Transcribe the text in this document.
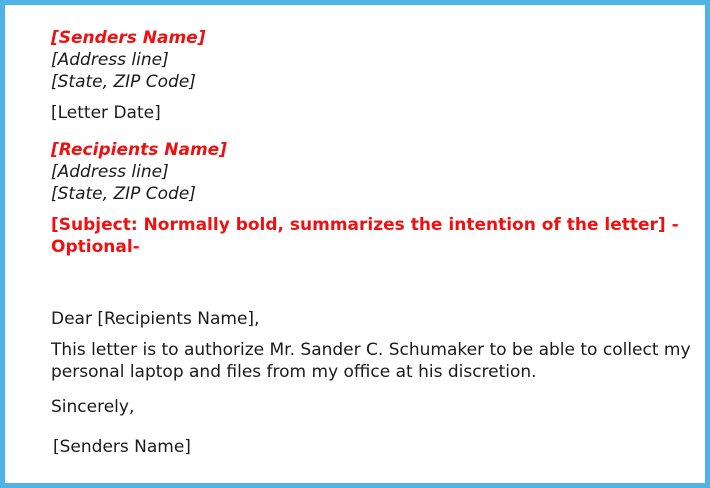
[Senders Name]
[Address line]
[State, ZIP Code]
[Letter Date]
[Recipients Name]
[Address line]
[State, ZIP Code]
[Subject: Normally bold, summarizes the intention of the letter] - Optional-
Dear [Recipients Name],
This letter is to authorize Mr. Sander C. Schumaker to be able to collect my personal laptop and files from my office at his discretion.
Sincerely,
[Senders Name]
